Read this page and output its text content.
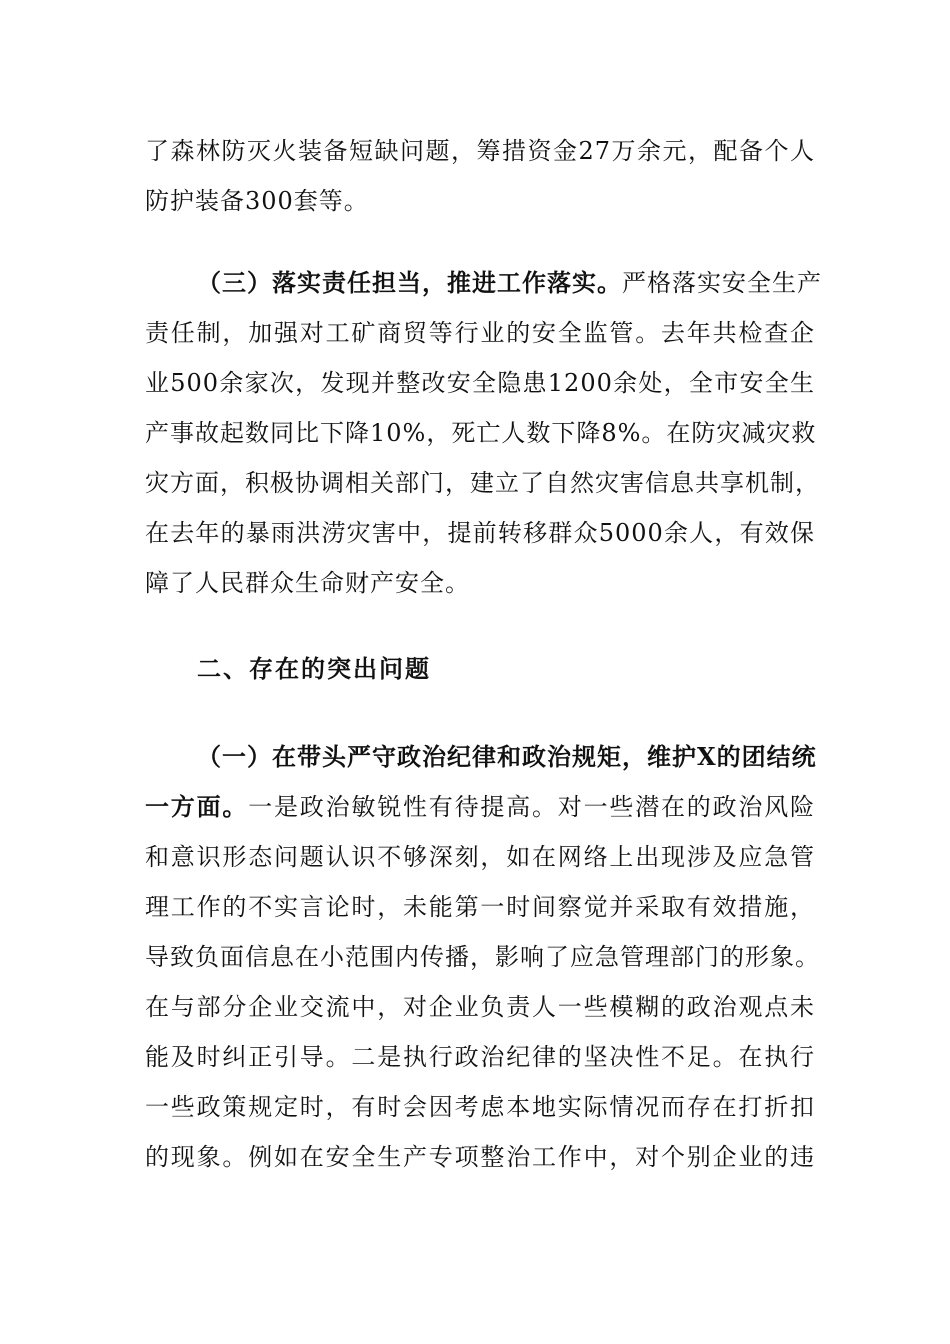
了森林防灭火装备短缺问题，筹措资金27万余元，配备个人
防护装备300套等。
（三）落实责任担当，推进工作落实。严格落实安全生产
责任制，加强对工矿商贸等行业的安全监管。去年共检查企
业500余家次，发现并整改安全隐患1200余处，全市安全生
产事故起数同比下降10%，死亡人数下降8%。在防灾减灾救
灾方面，积极协调相关部门，建立了自然灾害信息共享机制，
在去年的暴雨洪涝灾害中，提前转移群众5000余人，有效保
障了人民群众生命财产安全。
二、存在的突出问题
（一）在带头严守政治纪律和政治规矩，维护X的团结统
一方面。一是政治敏锐性有待提高。对一些潜在的政治风险
和意识形态问题认识不够深刻，如在网络上出现涉及应急管
理工作的不实言论时，未能第一时间察觉并采取有效措施，
导致负面信息在小范围内传播，影响了应急管理部门的形象。
在与部分企业交流中，对企业负责人一些模糊的政治观点未
能及时纠正引导。二是执行政治纪律的坚决性不足。在执行
一些政策规定时，有时会因考虑本地实际情况而存在打折扣
的现象。例如在安全生产专项整治工作中，对个别企业的违
